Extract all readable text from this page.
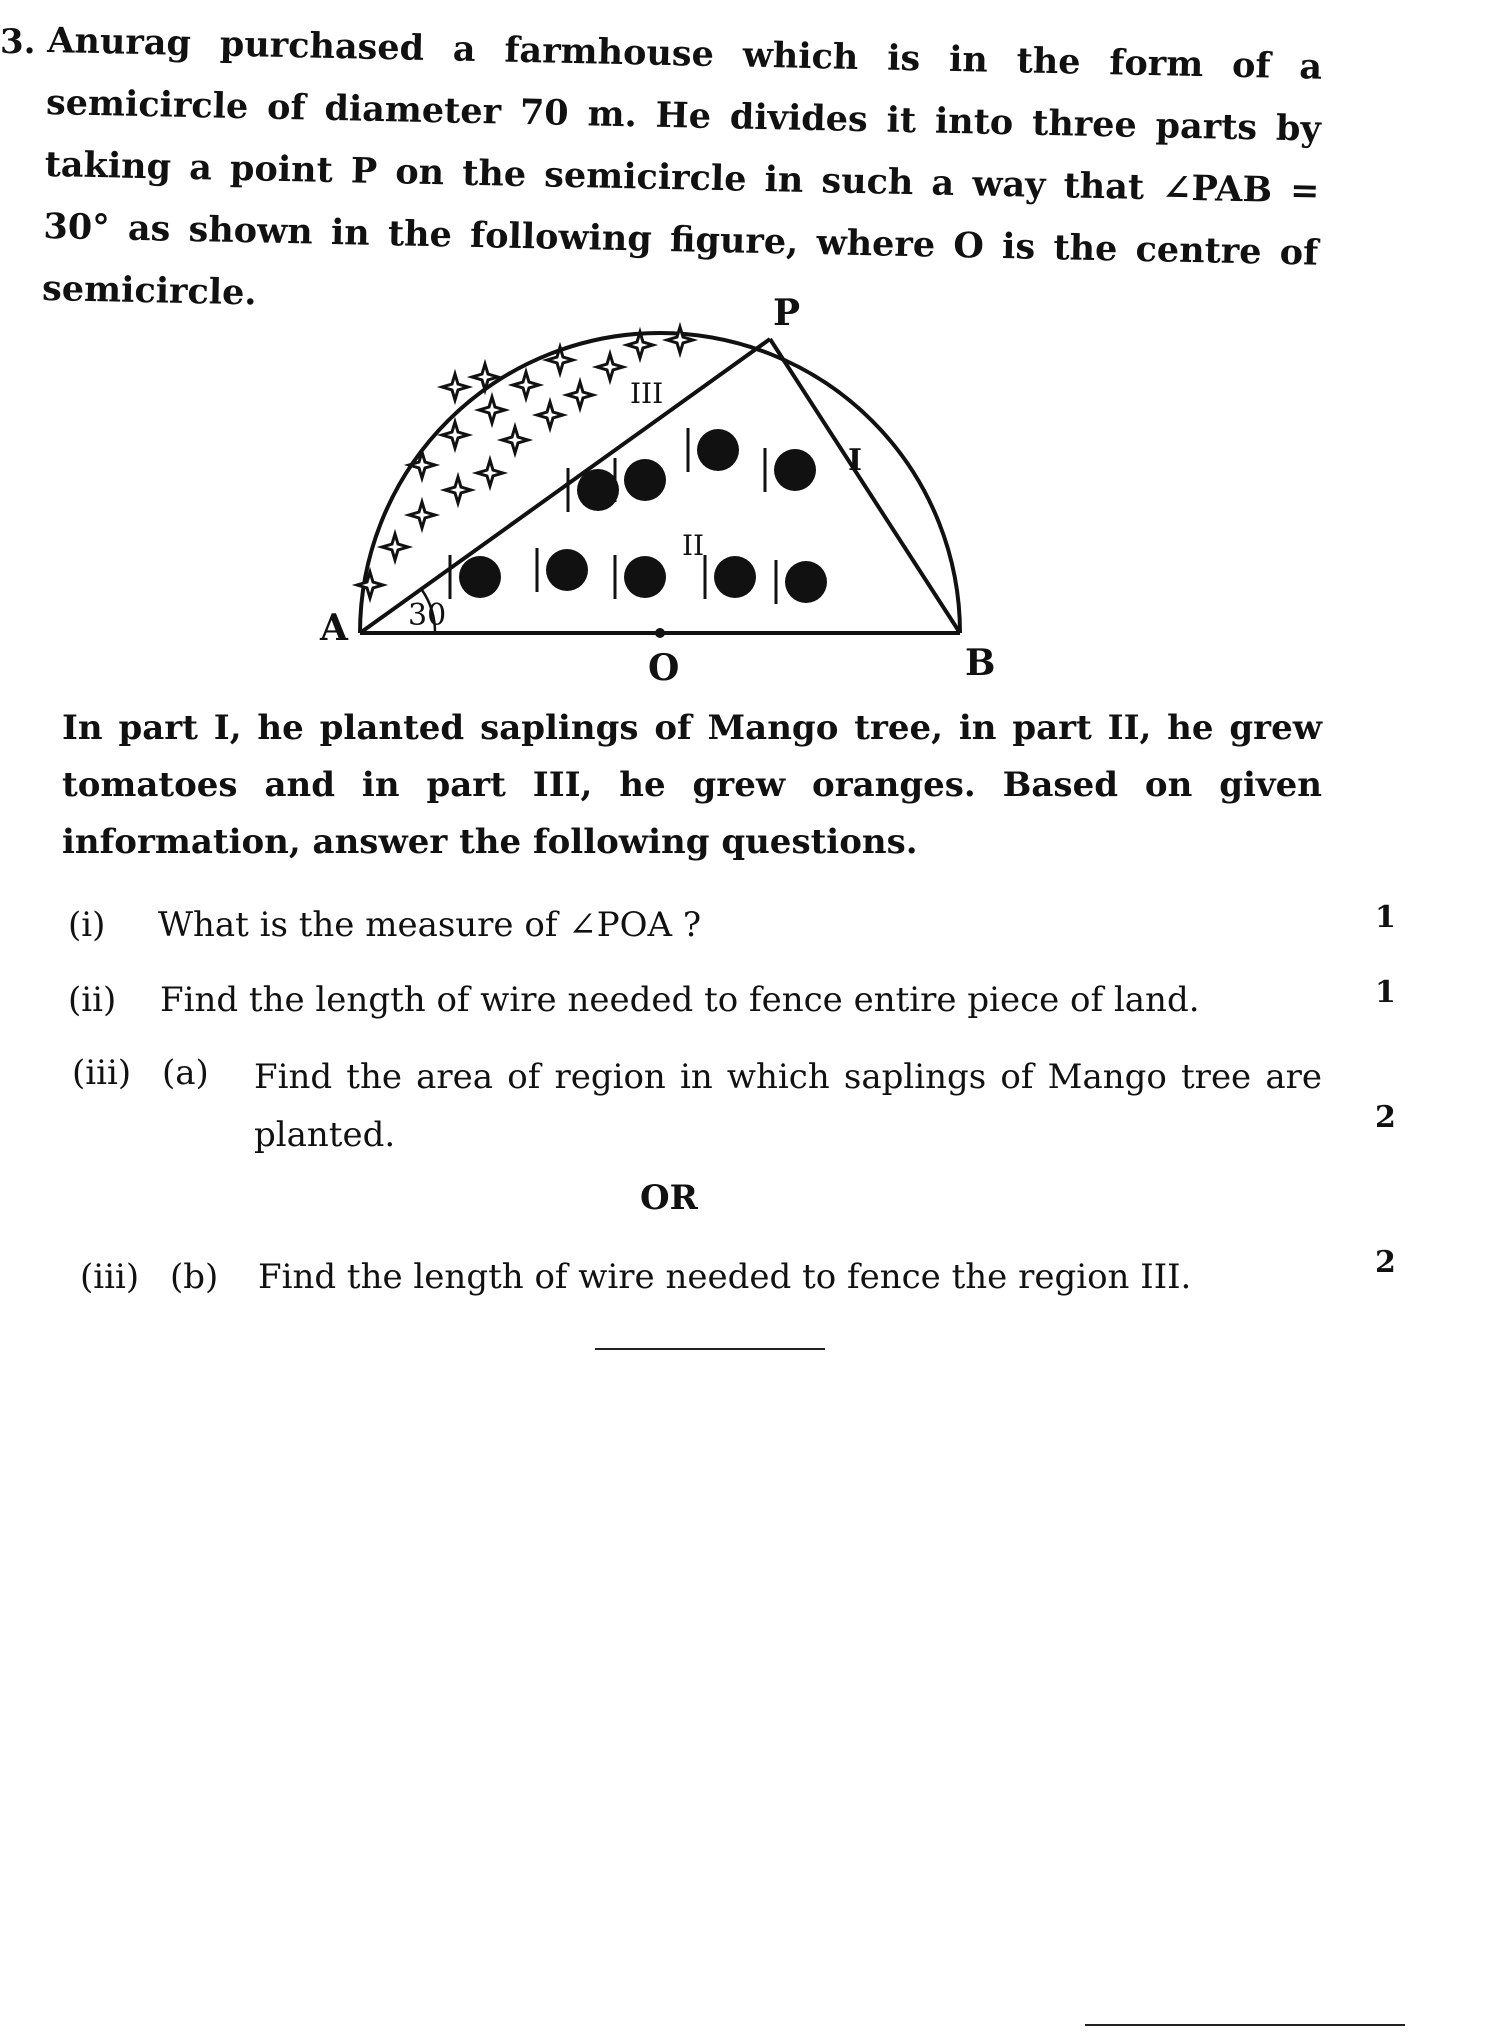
3. Anurag purchased a farmhouse which is in the form of a semicircle of diameter 70 m. He divides it into three parts by taking a point P on the semicircle in such a way that ∠PAB = 30° as shown in the following figure, where O is the centre of semicircle.
A
B
P
O
I
II
III
30
In part I, he planted saplings of Mango tree, in part II, he grew tomatoes and in part III, he grew oranges. Based on given information, answer the following questions.
(i) What is the measure of ∠POA ?	1
(ii) Find the length of wire needed to fence entire piece of land.	1
(iii) (a) Find the area of region in which saplings of Mango tree are planted.	2
OR
(iii) (b) Find the length of wire needed to fence the region III.	2
